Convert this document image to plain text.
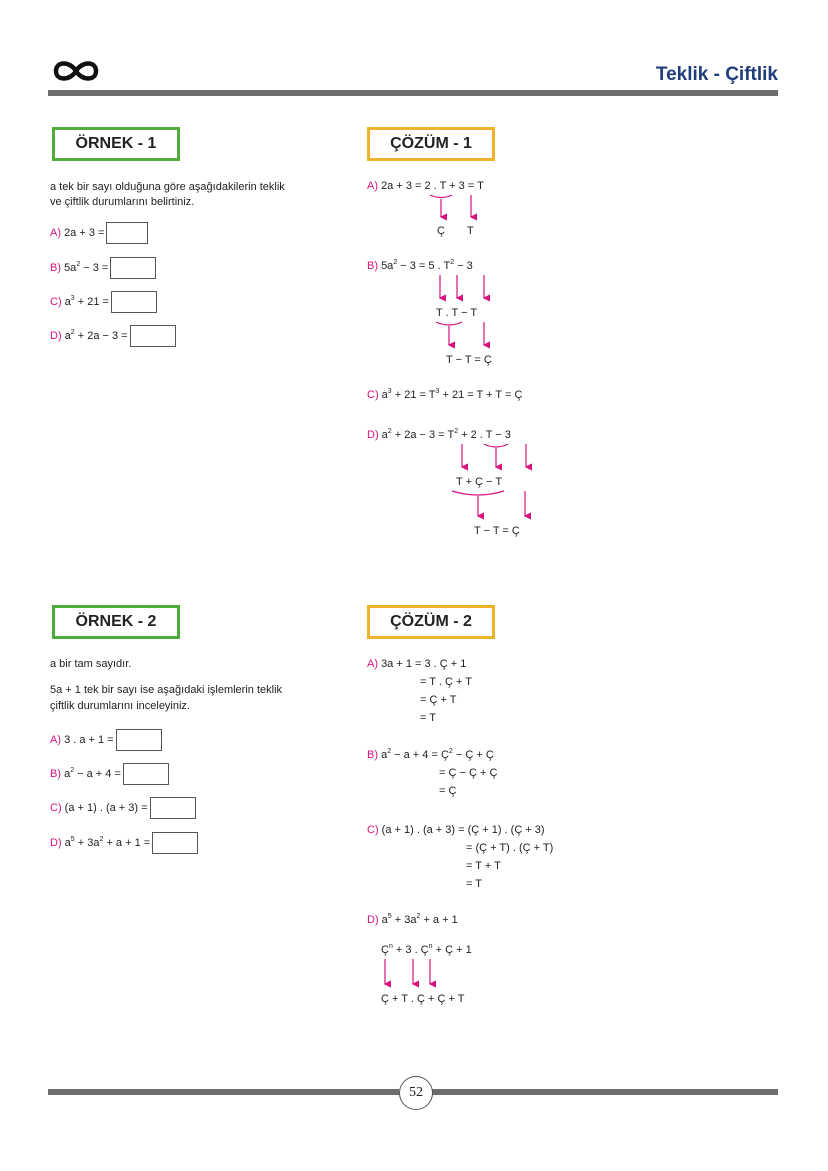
Teklik - Çiftlik
ÖRNEK - 1
a tek bir sayı olduğuna göre aşağıdakilerin teklik
ve çiftlik durumlarını belirtiniz.
A) 2a + 3 =
B) $5a^2 - 3$ =
C) $a^3 + 21$ =
D) $a^2 + 2a - 3$ =
ÇÖZÜM - 1
A) 2a + 3 = 2 . T + 3 = T
Ç T
B) $5a^2 - 3 = 5$ . $T^2 - 3$
T . T − T
T − T = Ç
C) $a^3 + 21 = T^3 + 21 = T + T$ = Ç
D) $a^2 + 2a - 3 = T^2 + 2$ . T − 3
T + Ç − T
T − T = Ç
ÖRNEK - 2
a bir tam sayıdır.
5a + 1 tek bir sayı ise aşağıdaki işlemlerin teklik
çiftlik durumlarını inceleyiniz.
A) 3 . a + 1 =
B) $a^2 - a + 4$ =
C) (a + 1) . (a + 3) =
D) $a^5 + 3a^2 + a + 1$ =
ÇÖZÜM - 2
A) 3a + 1 = 3 . Ç + 1
= T . Ç + T
= Ç + T
= T
B) $a^2 - a + 4$ = $Ç^2$ − Ç + Ç
= Ç − Ç + Ç
= Ç
C) (a + 1) . (a + 3) = (Ç + 1) . (Ç + 3)
= (Ç + T) . (Ç + T)
= T + T
= T
D) $a^5 + 3a^2 + a + 1$
$Ç^n + 3$ . $Ç^n$ + Ç + 1
Ç + T . Ç + Ç + T
52
